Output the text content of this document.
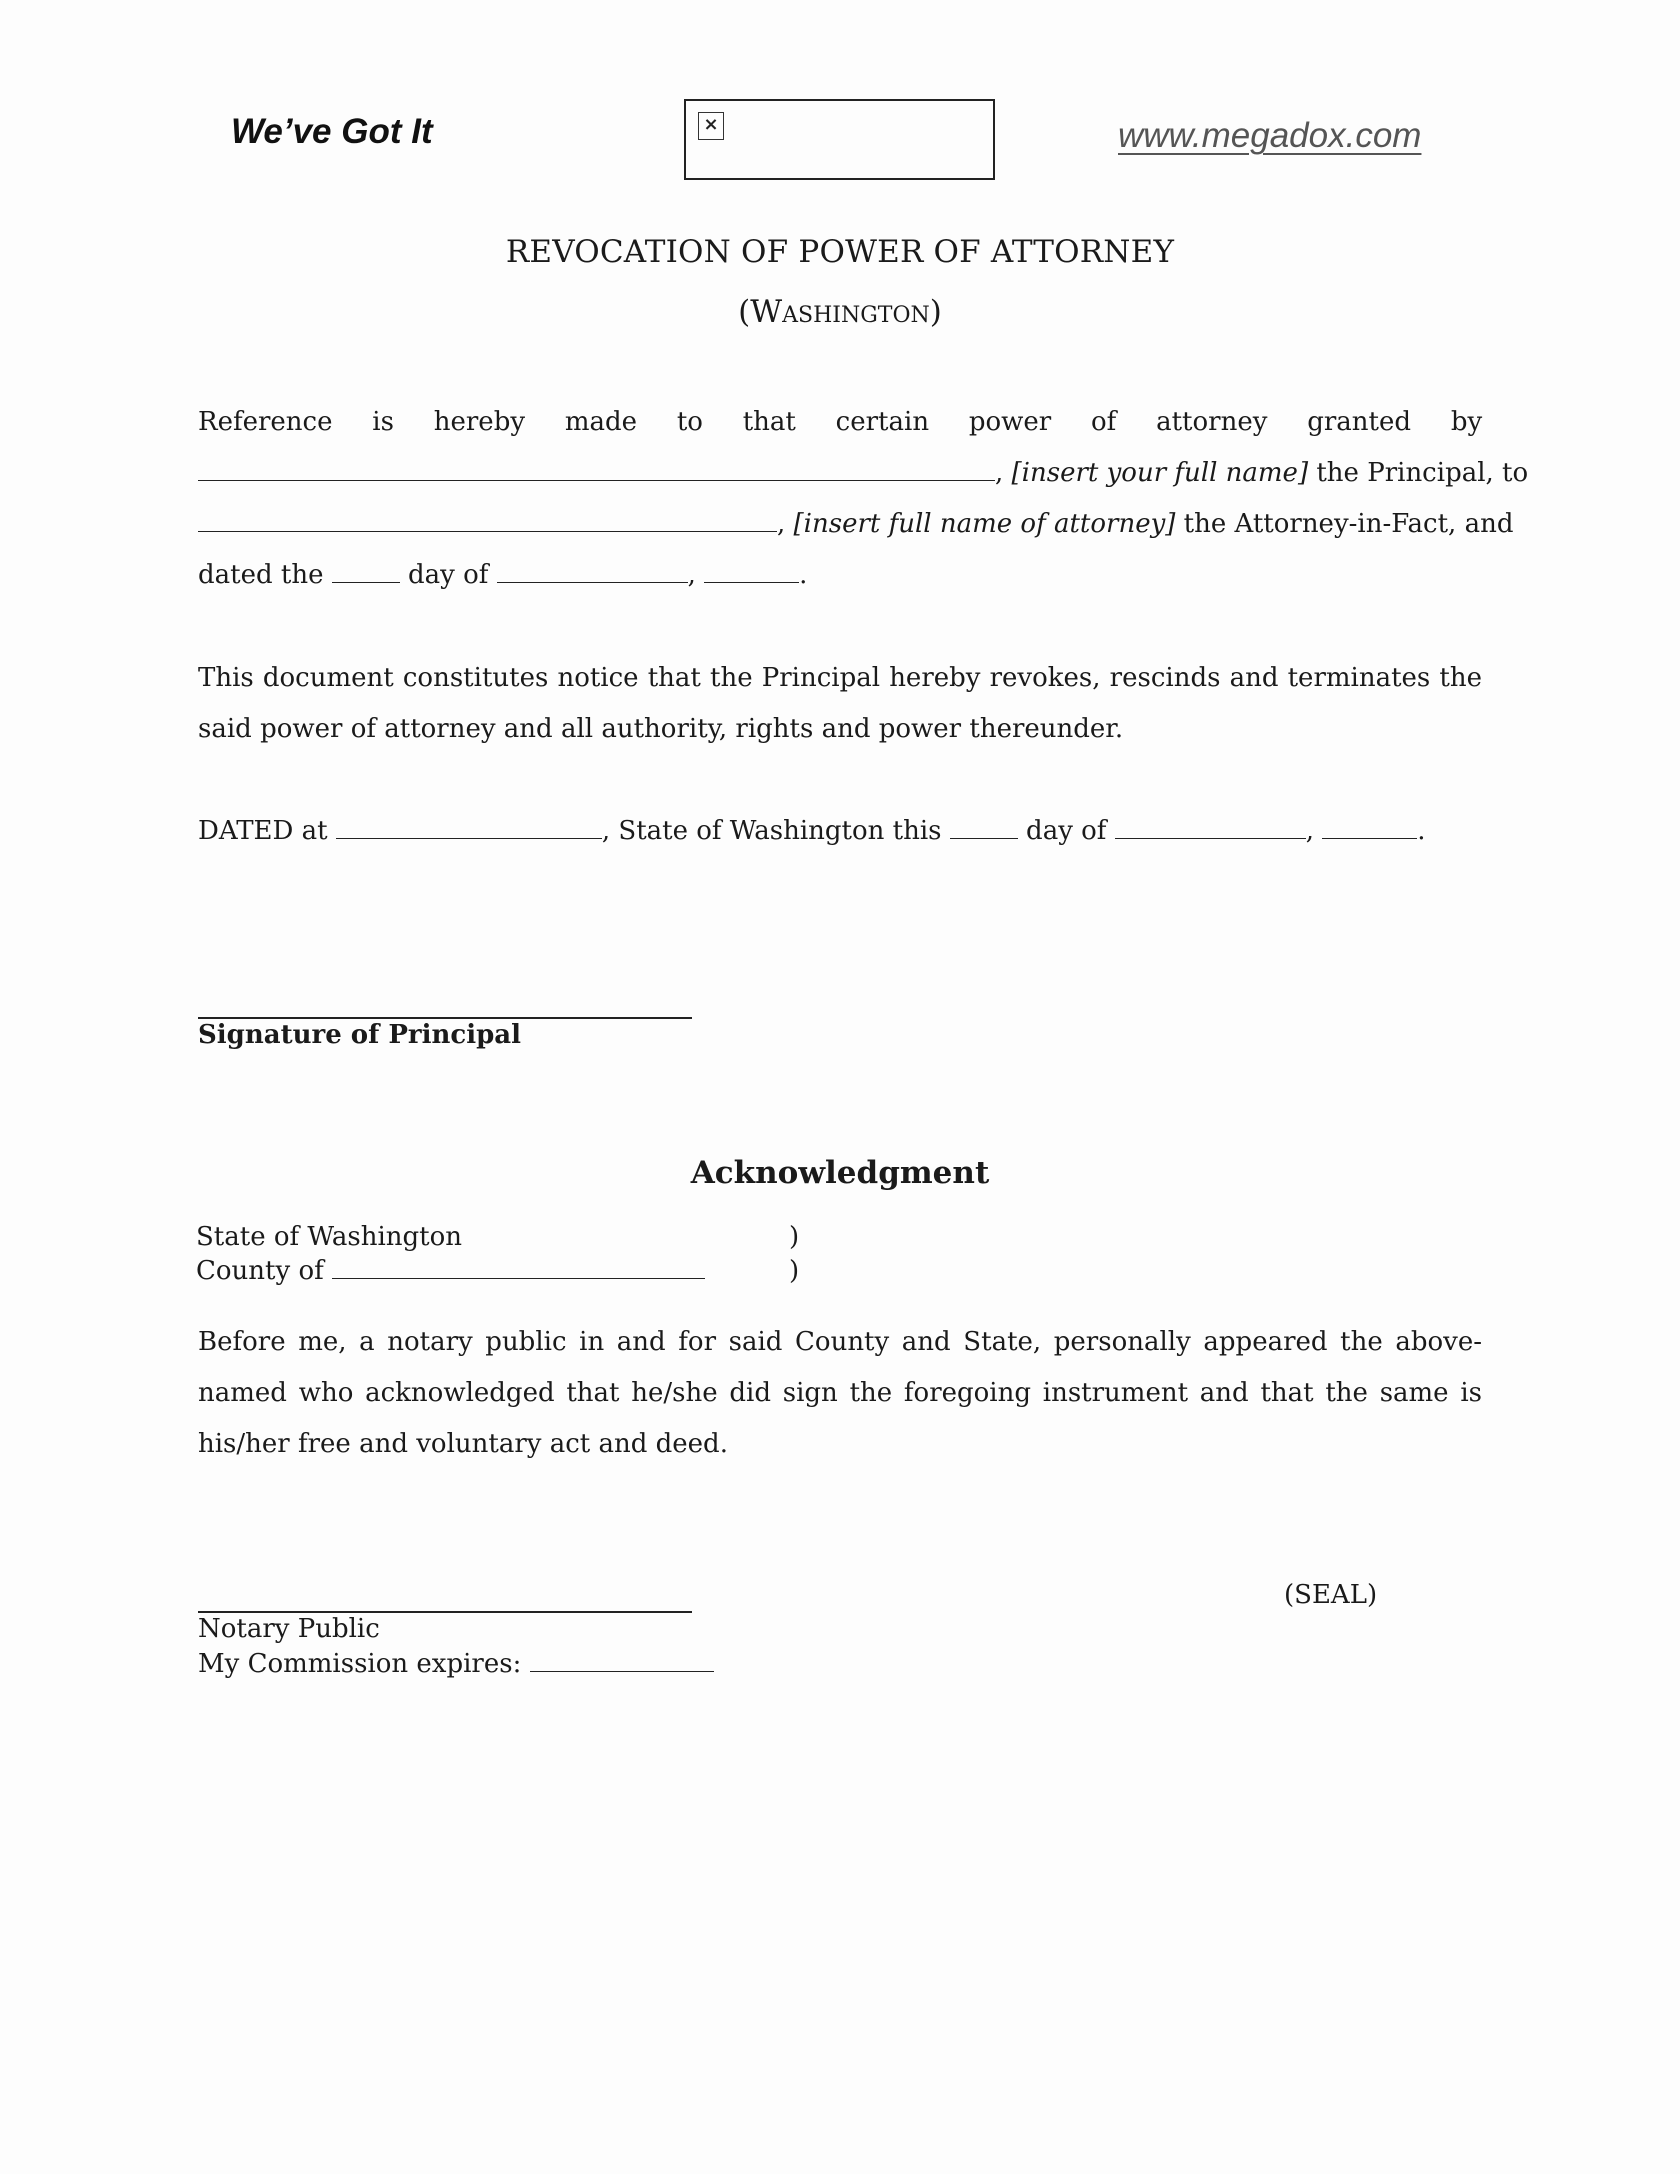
We’ve Got It	×	www.megadox.com
REVOCATION OF POWER OF ATTORNEY
(Washington)
Reference is hereby made to that certain power of attorney granted by
, [insert your full name] the Principal, to
, [insert full name of attorney] the Attorney-in-Fact, and
dated the	day of	,	.
This document constitutes notice that the Principal hereby revokes, rescinds and terminates the said power of attorney and all authority, rights and power thereunder.
DATED at	, State of Washington this	day of	,	.
Signature of Principal
Acknowledgment
State of Washington	)
County of	)
Before me, a notary public in and for said County and State, personally appeared the above-named who acknowledged that he/she did sign the foregoing instrument and that the same is his/her free and voluntary act and deed.
(SEAL)
Notary Public
My Commission expires:
